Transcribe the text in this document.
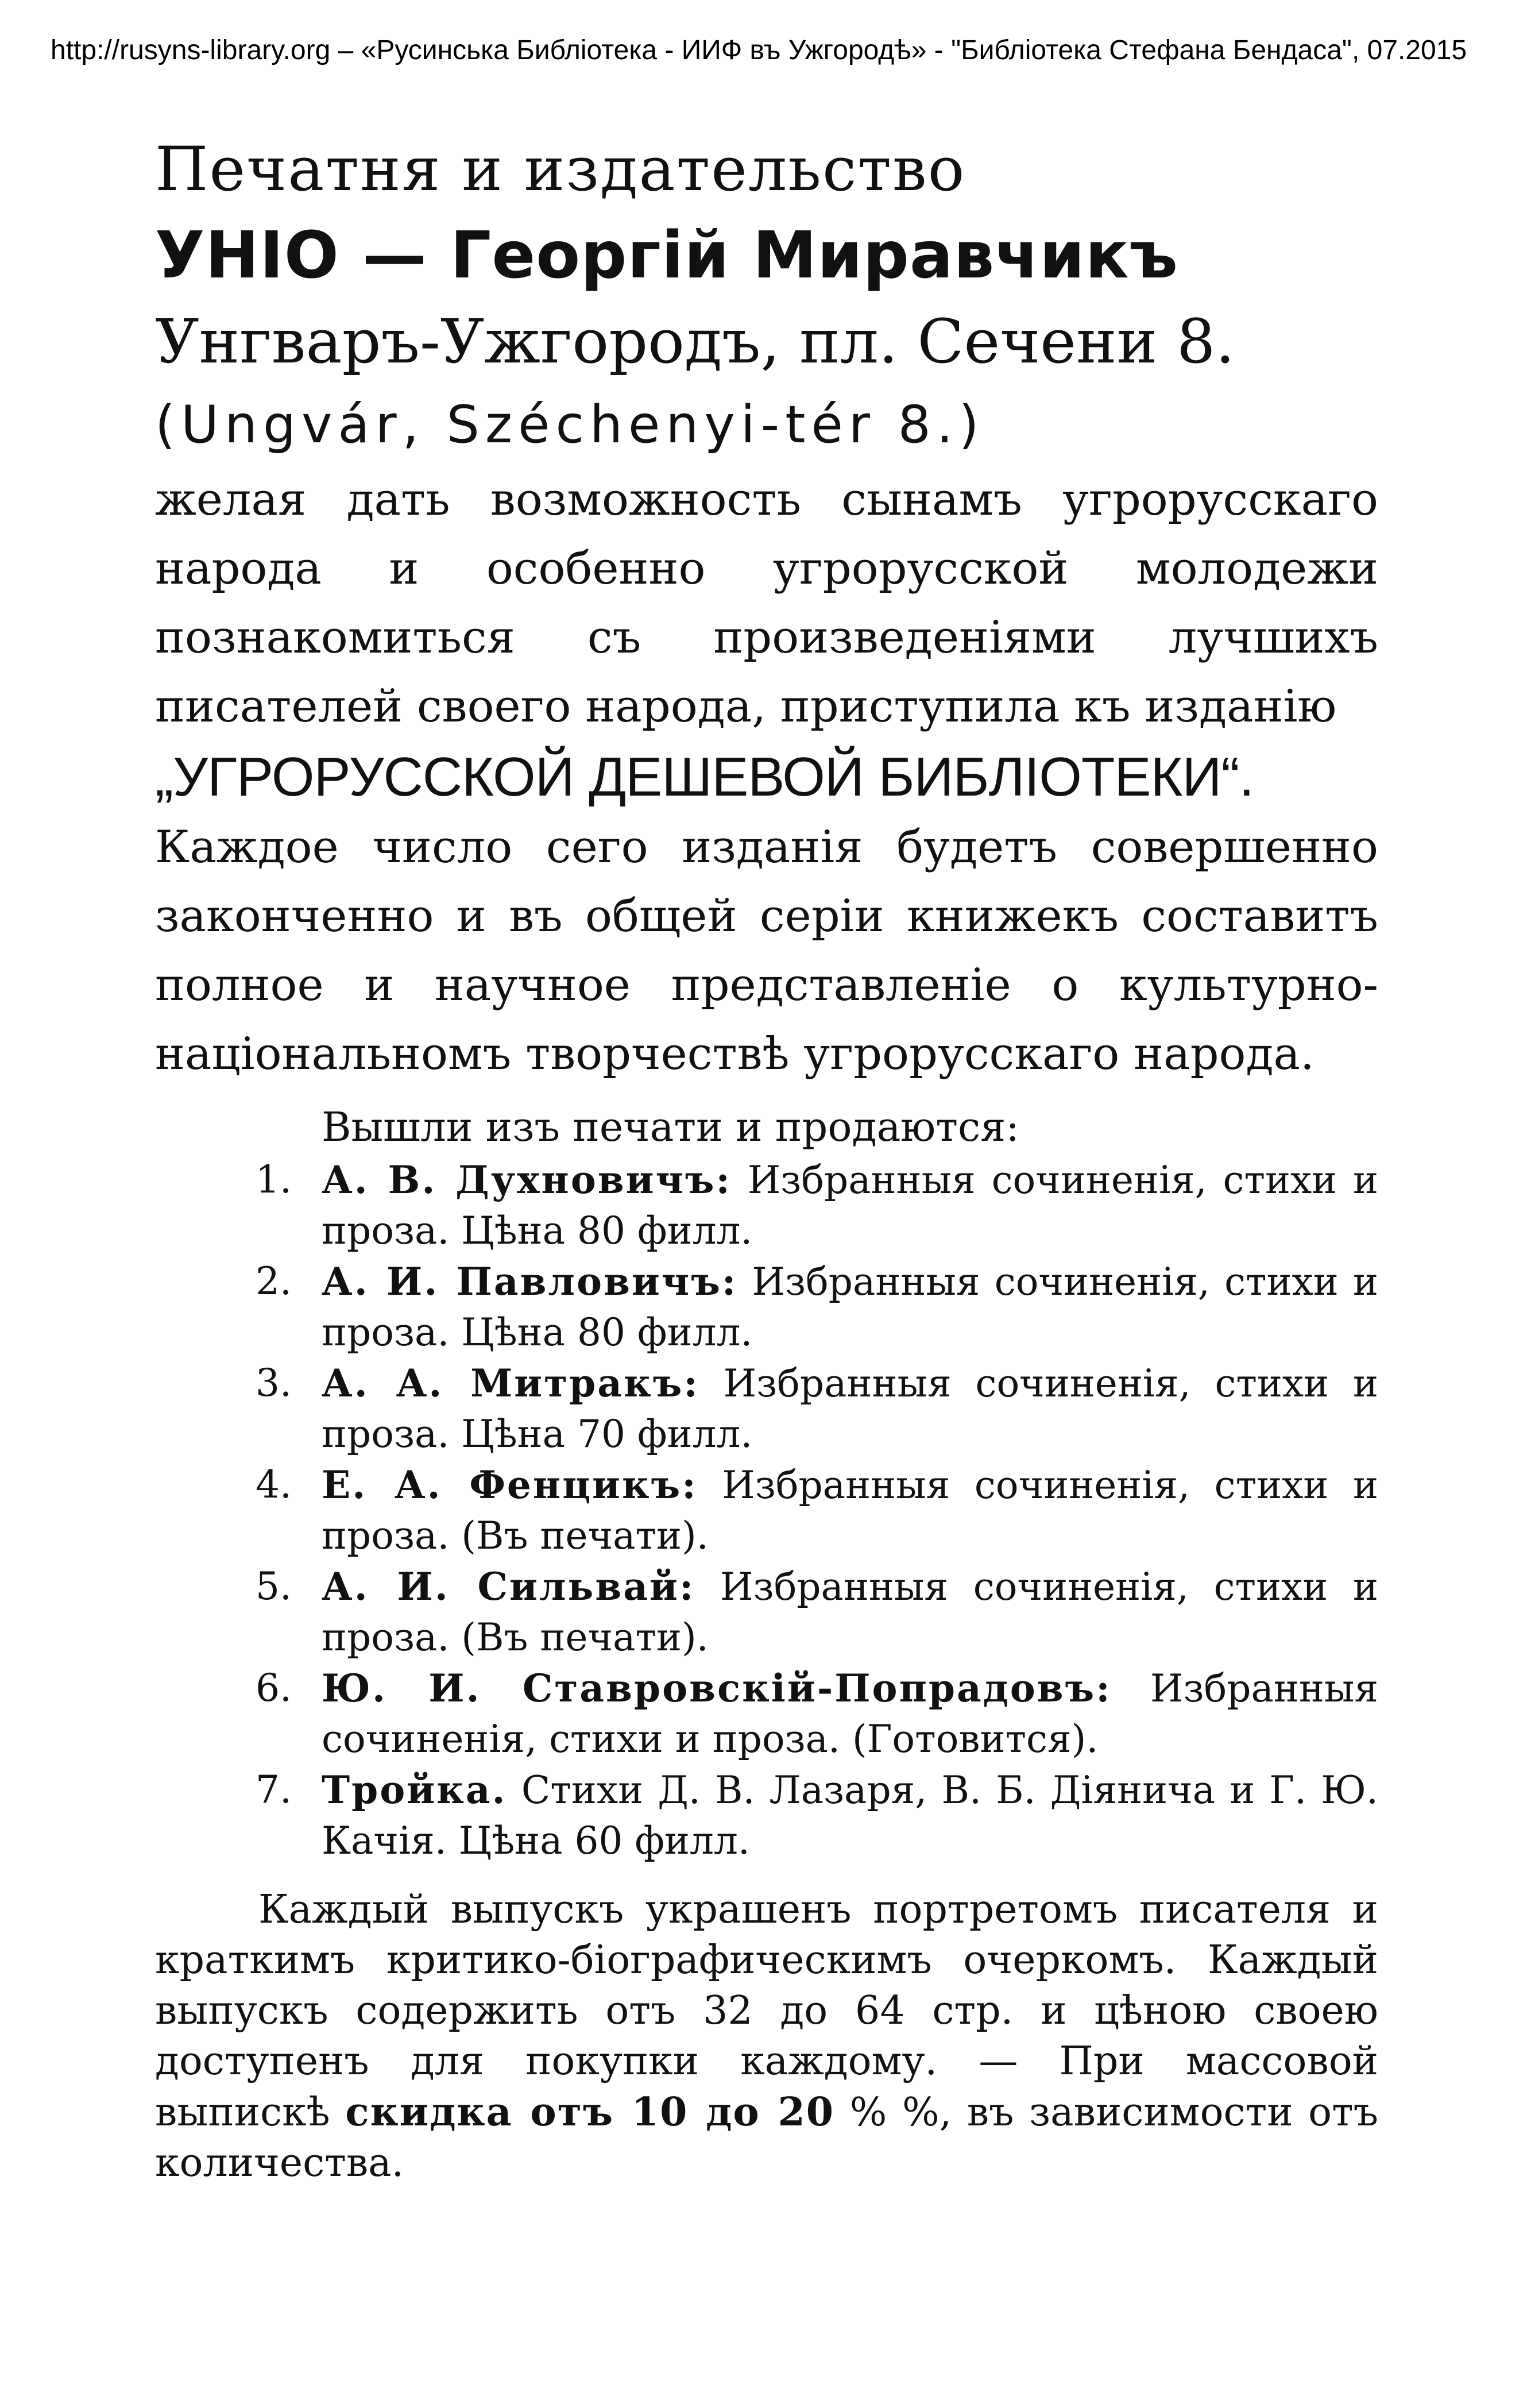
http://rusyns-library.org – «Русинська Библіотека - ИИФ въ Ужгородѣ» - "Библіотека Стефана Бендаса", 07.2015

Печатня и издательство

УНІО — Георгій Миравчикъ

Унгваръ-Ужгородъ, пл. Сечени 8.

(Ungvár, Széchenyi-tér 8.)

желая дать возможность сынамъ угрорусскаго народа и особенно угрорусской молодежи познакомиться съ произведеніями лучшихъ писателей своего народа, приступила къ изданію

„УГРОРУССКОЙ ДЕШЕВОЙ БИБЛІОТЕКИ“.

Каждое число сего изданія будетъ совершенно законченно и въ общей серіи книжекъ составитъ полное и научное представленіе о культурно-національномъ творчествѣ угрорусскаго народа.

Вышли изъ печати и продаются:

1. А. В. Духновичъ: Избранныя сочиненія, стихи и проза. Цѣна 80 филл.
2. А. И. Павловичъ: Избранныя сочиненія, стихи и проза. Цѣна 80 филл.
3. А. А. Митракъ: Избранныя сочиненія, стихи и проза. Цѣна 70 филл.
4. Е. А. Фенцикъ: Избранныя сочиненія, стихи и проза. (Въ печати).
5. А. И. Сильвай: Избранныя сочиненія, стихи и проза. (Въ печати).
6. Ю. И. Ставровскій-Попрадовъ: Избранныя сочиненія, стихи и проза. (Готовится).
7. Тройка. Стихи Д. В. Лазаря, В. Б. Діянича и Г. Ю. Качія. Цѣна 60 филл.

Каждый выпускъ украшенъ портретомъ писателя и краткимъ критико-біографическимъ очеркомъ. Каждый выпускъ содержить отъ 32 до 64 стр. и цѣною своею доступенъ для покупки каждому. — При массовой выпискѣ скидка отъ 10 до 20 % %, въ зависимости отъ количества.
